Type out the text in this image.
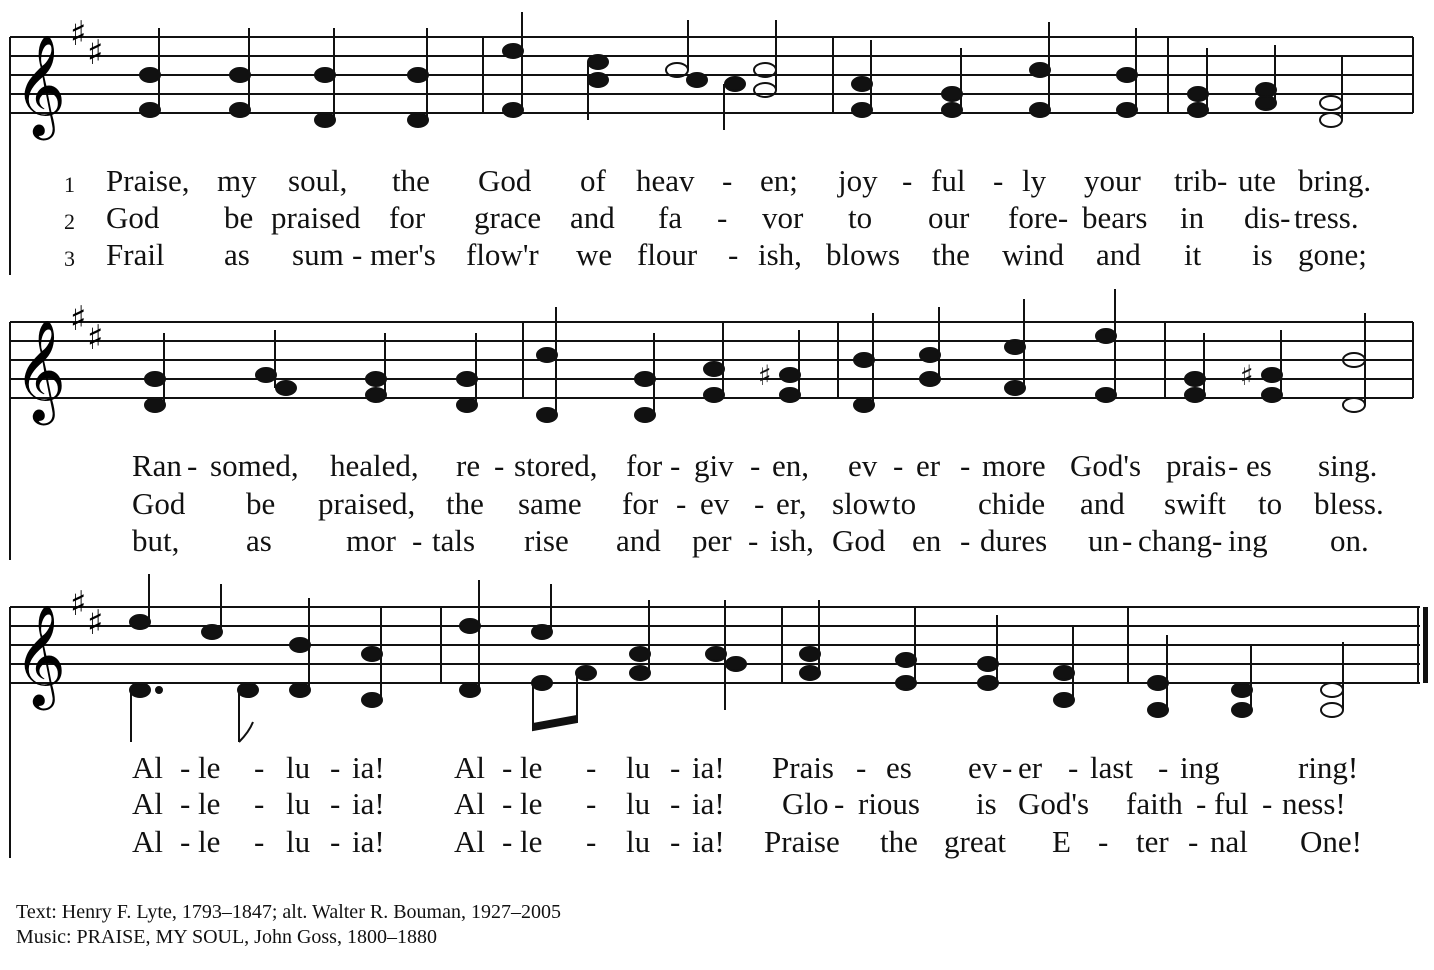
𝄞 ♯ ♯
1 Praise, my soul, the God of heav - en; joy - ful - ly your trib- ute bring.
2 God be praised for grace and fa - vor to our fore- bears in dis- tress.
3 Frail as sum - mer's flow'r we flour - ish, blows the wind and it is gone;
𝄞 ♯ ♯
♯	♯
Ran - somed, healed, re - stored, for - giv - en, ev - er - more God's prais - es sing.
God be praised, the same for - ev - er, slow to chide and swift to bless.
but, as mor - tals rise and per - ish, God en - dures un - chang - ing on.
𝄞 ♯ ♯
Al - le - lu - ia! Al - le - lu - ia! Prais - es ev - er - last - ing	ring!
Al - le - lu - ia! Al - le - lu - ia! Glo - rious is God's faith - ful - ness!
Al - le - lu - ia! Al - le - lu - ia! Praise the great E - ter - nal One!
Text: Henry F. Lyte, 1793–1847; alt. Walter R. Bouman, 1927–2005
Music: PRAISE, MY SOUL, John Goss, 1800–1880
